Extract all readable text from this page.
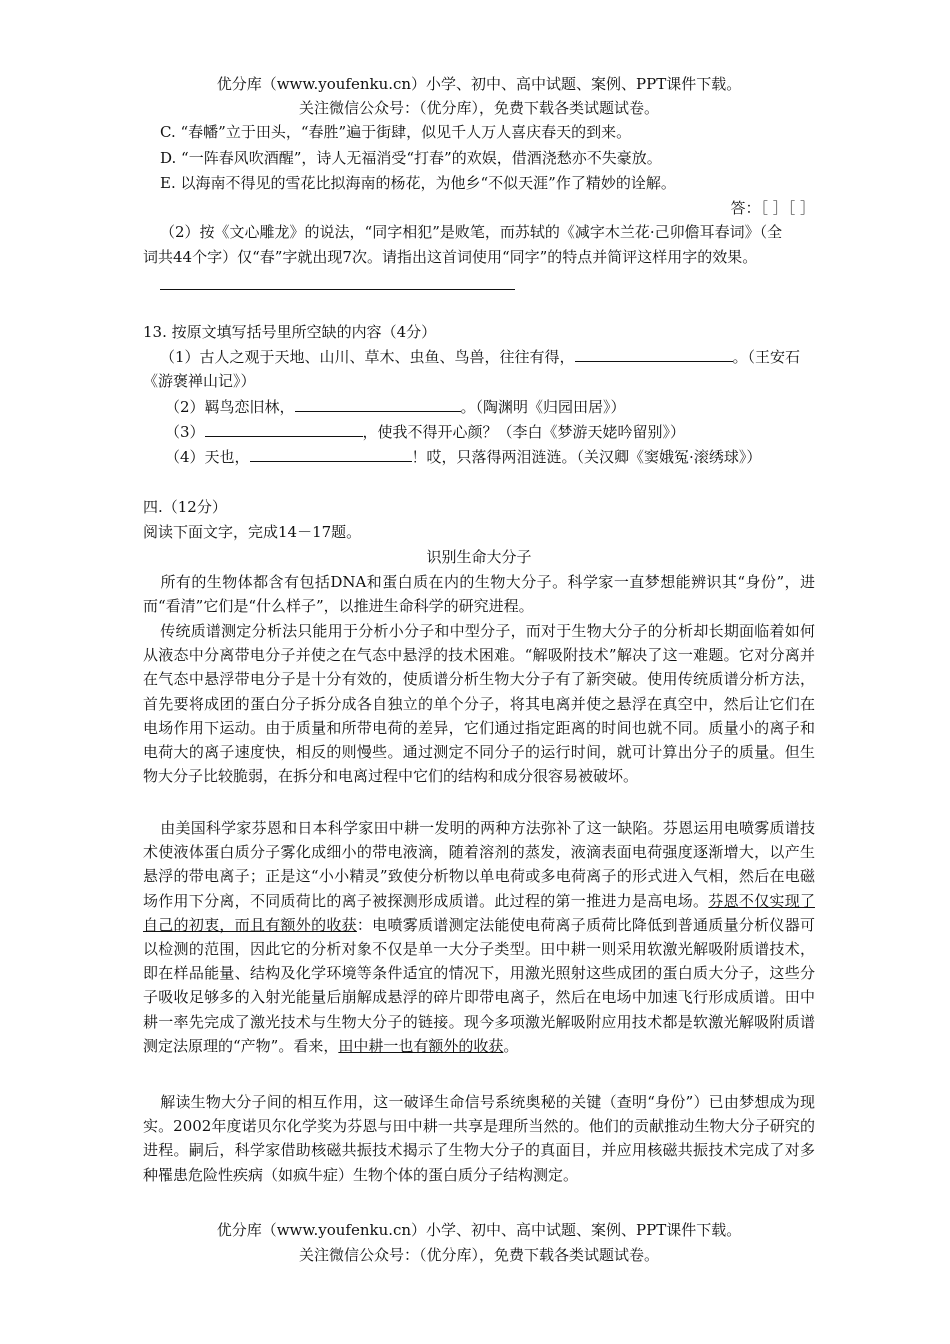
优分库（www.youfenku.cn）小学、初中、高中试题、案例、PPT课件下载。
关注微信公众号：（优分库），免费下载各类试题试卷。
C. “春幡”立于田头，“春胜”遍于街肆，似见千人万人喜庆春天的到来。
D. “一阵春风吹酒醒”，诗人无福消受“打春”的欢娱，借酒浇愁亦不失豪放。
E. 以海南不得见的雪花比拟海南的杨花，为他乡“不似天涯”作了精妙的诠解。
答：［ ］［ ］
（2）按《文心雕龙》的说法，“同字相犯”是败笔，而苏轼的《减字木兰花·己卯儋耳春词》（全
词共44个字）仅“春”字就出现7次。请指出这首词使用“同字”的特点并简评这样用字的效果。
13. 按原文填写括号里所空缺的内容（4分）
（1）古人之观于天地、山川、草木、虫鱼、鸟兽，往往有得，	。（王安石
《游褒禅山记》）
（2）羁鸟恋旧林，	。（陶渊明《归园田居》）
（3）	，使我不得开心颜？（李白《梦游天姥吟留别》）
（4）天也，	！哎，只落得两泪涟涟。（关汉卿《窦娥冤·滚绣球》）
四.（12分）
阅读下面文字，完成14－17题。
识别生命大分子
所有的生物体都含有包括DNA和蛋白质在内的生物大分子。科学家一直梦想能辨识其“身份”，进而“看清”它们是“什么样子”，以推进生命科学的研究进程。
传统质谱测定分析法只能用于分析小分子和中型分子，而对于生物大分子的分析却长期面临着如何从液态中分离带电分子并使之在气态中悬浮的技术困难。“解吸附技术”解决了这一难题。它对分离并在气态中悬浮带电分子是十分有效的，使质谱分析生物大分子有了新突破。使用传统质谱分析方法，首先要将成团的蛋白分子拆分成各自独立的单个分子，将其电离并使之悬浮在真空中，然后让它们在电场作用下运动。由于质量和所带电荷的差异，它们通过指定距离的时间也就不同。质量小的离子和电荷大的离子速度快，相反的则慢些。通过测定不同分子的运行时间，就可计算出分子的质量。但生物大分子比较脆弱，在拆分和电离过程中它们的结构和成分很容易被破坏。
由美国科学家芬恩和日本科学家田中耕一发明的两种方法弥补了这一缺陷。芬恩运用电喷雾质谱技术使液体蛋白质分子雾化成细小的带电液滴，随着溶剂的蒸发，液滴表面电荷强度逐渐增大，以产生悬浮的带电离子；正是这“小小精灵”致使分析物以单电荷或多电荷离子的形式进入气相，然后在电磁场作用下分离，不同质荷比的离子被探测形成质谱。此过程的第一推进力是高电场。芬恩不仅实现了自己的初衷，而且有额外的收获：电喷雾质谱测定法能使电荷离子质荷比降低到普通质量分析仪器可以检测的范围，因此它的分析对象不仅是单一大分子类型。田中耕一则采用软激光解吸附质谱技术，即在样品能量、结构及化学环境等条件适宜的情况下，用激光照射这些成团的蛋白质大分子，这些分子吸收足够多的入射光能量后崩解成悬浮的碎片即带电离子，然后在电场中加速飞行形成质谱。田中耕一率先完成了激光技术与生物大分子的链接。现今多项激光解吸附应用技术都是软激光解吸附质谱测定法原理的“产物”。看来，田中耕一也有额外的收获。
解读生物大分子间的相互作用，这一破译生命信号系统奥秘的关键（查明“身份”）已由梦想成为现实。2002年度诺贝尔化学奖为芬恩与田中耕一共享是理所当然的。他们的贡献推动生物大分子研究的进程。嗣后，科学家借助核磁共振技术揭示了生物大分子的真面目，并应用核磁共振技术完成了对多种罹患危险性疾病（如疯牛症）生物个体的蛋白质分子结构测定。
优分库（www.youfenku.cn）小学、初中、高中试题、案例、PPT课件下载。
关注微信公众号：（优分库），免费下载各类试题试卷。
